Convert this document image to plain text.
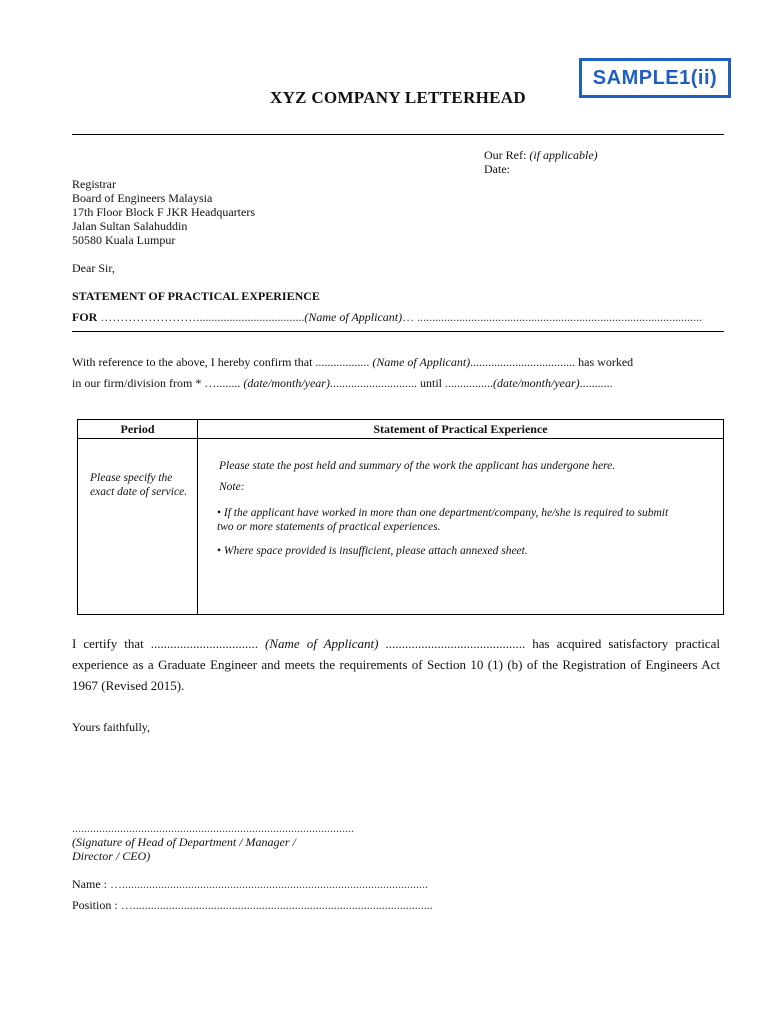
SAMPLE1(ii)
XYZ COMPANY LETTERHEAD
Our Ref: (if applicable)
Date:
Registrar
Board of Engineers Malaysia
17th Floor Block F JKR Headquarters
Jalan Sultan Salahuddin
50580 Kuala Lumpur
Dear Sir,
STATEMENT OF PRACTICAL EXPERIENCE
FOR ……………………....................................(Name of Applicant)… ...............................................................................................
With reference to the above, I hereby confirm that .................. (Name of Applicant)................................... has worked
in our firm/division from * …........ (date/month/year)............................. until ................(date/month/year)...........
Period	Statement of Practical Experience
Please specify the exact date of service.
Please state the post held and summary of the work the applicant has undergone here.
Note:
• If the applicant have worked in more than one department/company, he/she is required to submit two or more statements of practical experiences.
• Where space provided is insufficient, please attach annexed sheet.
I certify that ................................. (Name of Applicant) ........................................... has acquired satisfactory practical experience as a Graduate Engineer and meets the requirements of Section 10 (1) (b) of the Registration of Engineers Act 1967 (Revised 2015).
Yours faithfully,
..............................................................................................
(Signature of Head of Department / Manager / Director / CEO)
Name : …......................................................................................................
Position : …....................................................................................................
